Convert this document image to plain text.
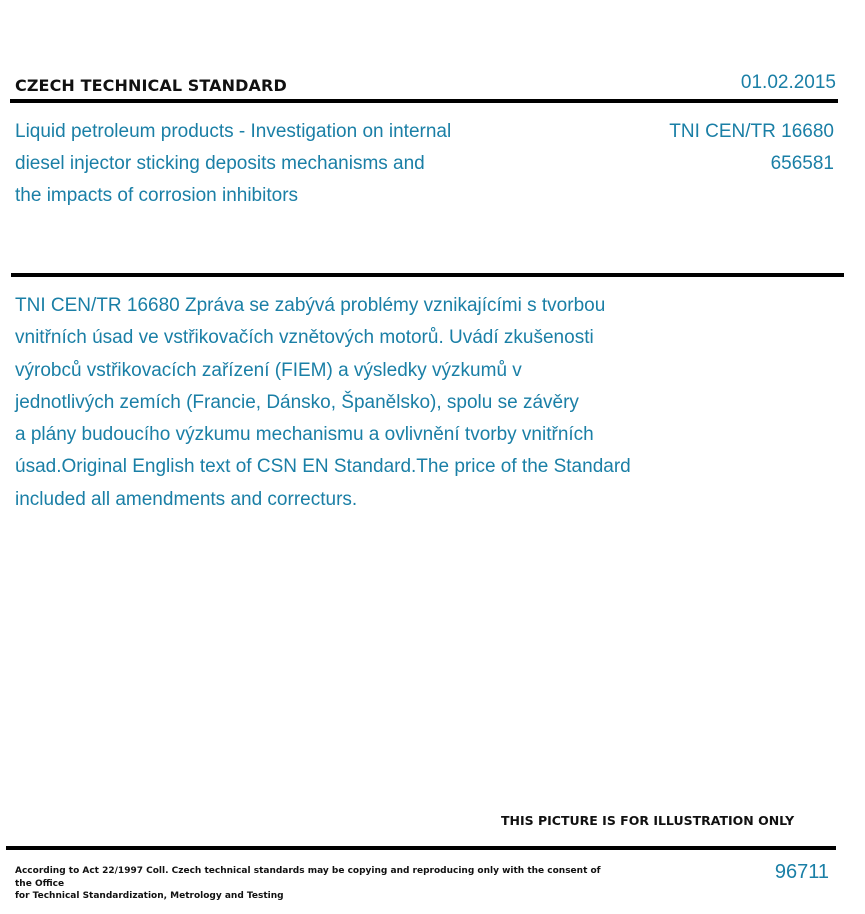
CZECH TECHNICAL STANDARD	01.02.2015
Liquid petroleum products - Investigation on internal
diesel injector sticking deposits mechanisms and
the impacts of corrosion inhibitors
TNI CEN/TR 16680
656581
TNI CEN/TR 16680 Zpráva se zabývá problémy vznikajícími s tvorbou
vnitřních úsad ve vstřikovačích vznětových motorů. Uvádí zkušenosti
výrobců vstřikovacích zařízení (FIEM) a výsledky výzkumů v
jednotlivých zemích (Francie, Dánsko, Španělsko), spolu se závěry
a plány budoucího výzkumu mechanismu a ovlivnění tvorby vnitřních
úsad.Original English text of CSN EN Standard.The price of the Standard
included all amendments and correcturs.
THIS PICTURE IS FOR ILLUSTRATION ONLY
According to Act 22/1997 Coll. Czech technical standards may be copying and reproducing only with the consent of the Office
for Technical Standardization, Metrology and Testing
96711
